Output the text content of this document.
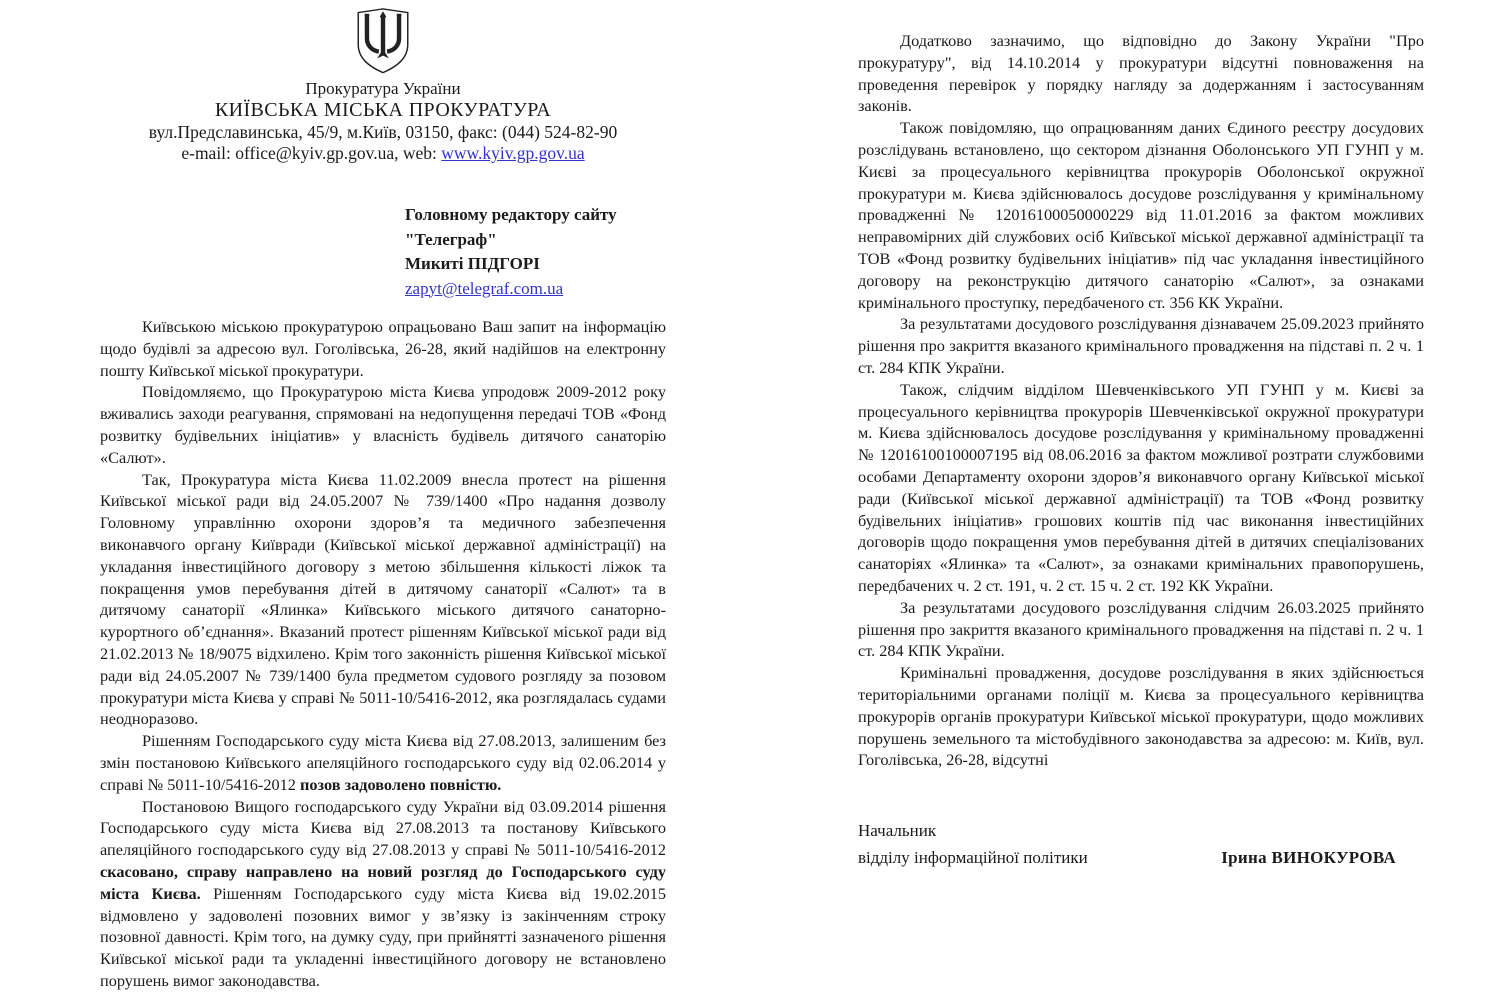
Прокуратура України
КИЇВСЬКА МІСЬКА ПРОКУРАТУРА
вул.Предславинська, 45/9, м.Київ, 03150, факс: (044) 524-82-90
e-mail: office@kyiv.gp.gov.ua, web: www.kyiv.gp.gov.ua
Головному редактору сайту
"Телеграф"
Микиті ПІДГОРІ
zapyt@telegraf.com.ua

Київською міською прокуратурою опрацьовано Ваш запит на інформацію щодо будівлі за адресою вул. Гоголівська, 26-28, який надійшов на електронну пошту Київської міської прокуратури.

Повідомляємо, що Прокуратурою міста Києва упродовж 2009-2012 року вживались заходи реагування, спрямовані на недопущення передачі ТОВ «Фонд розвитку будівельних ініціатив» у власність будівель дитячого санаторію «Салют».

Так, Прокуратура міста Києва 11.02.2009 внесла протест на рішення Київської міської ради від 24.05.2007 № 739/1400 «Про надання дозволу Головному управлінню охорони здоров’я та медичного забезпечення виконавчого органу Київради (Київської міської державної адміністрації) на укладання інвестиційного договору з метою збільшення кількості ліжок та покращення умов перебування дітей в дитячому санаторії «Салют» та в дитячому санаторії «Ялинка» Київського міського дитячого санаторно-курортного об’єднання». Вказаний протест рішенням Київської міської ради від 21.02.2013 № 18/9075 відхилено. Крім того законність рішення Київської міської ради від 24.05.2007 № 739/1400 була предметом судового розгляду за позовом прокуратури міста Києва у справі № 5011-10/5416-2012, яка розглядалась судами неодноразово.

Рішенням Господарського суду міста Києва від 27.08.2013, залишеним без змін постановою Київського апеляційного господарського суду від 02.06.2014 у справі № 5011-10/5416-2012 позов задоволено повністю.

Постановою Вищого господарського суду України від 03.09.2014 рішення Господарського суду міста Києва від 27.08.2013 та постанову Київського апеляційного господарського суду від 27.08.2013 у справі № 5011-10/5416-2012 скасовано, справу направлено на новий розгляд до Господарського суду міста Києва. Рішенням Господарського суду міста Києва від 19.02.2015 відмовлено у задоволені позовних вимог у зв’язку із закінченням строку позовної давності. Крім того, на думку суду, при прийнятті зазначеного рішення Київської міської ради та укладенні інвестиційного договору не встановлено порушень вимог законодавства.

Додатково зазначимо, що відповідно до Закону України "Про прокуратуру", від 14.10.2014 у прокуратури відсутні повноваження на проведення перевірок у порядку нагляду за додержанням і застосуванням законів.

Також повідомляю, що опрацюванням даних Єдиного реєстру досудових розслідувань встановлено, що сектором дізнання Оболонського УП ГУНП у м. Києві за процесуального керівництва прокурорів Оболонської окружної прокуратури м. Києва здійснювалось досудове розслідування у кримінальному провадженні № 12016100050000229 від 11.01.2016 за фактом можливих неправомірних дій службових осіб Київської міської державної адміністрації та ТОВ «Фонд розвитку будівельних ініціатив» під час укладання інвестиційного договору на реконструкцію дитячого санаторію «Салют», за ознаками кримінального проступку, передбаченого ст. 356 КК України.

За результатами досудового розслідування дізнавачем 25.09.2023 прийнято рішення про закриття вказаного кримінального провадження на підставі п. 2 ч. 1 ст. 284 КПК України.

Також, слідчим відділом Шевченківського УП ГУНП у м. Києві за процесуального керівництва прокурорів Шевченківської окружної прокуратури м. Києва здійснювалось досудове розслідування у кримінальному провадженні № 12016100100007195 від 08.06.2016 за фактом можливої розтрати службовими особами Департаменту охорони здоров’я виконавчого органу Київської міської ради (Київської міської державної адміністрації) та ТОВ «Фонд розвитку будівельних ініціатив» грошових коштів під час виконання інвестиційних договорів щодо покращення умов перебування дітей в дитячих спеціалізованих санаторіях «Ялинка» та «Салют», за ознаками кримінальних правопорушень, передбачених ч. 2 ст. 191, ч. 2 ст. 15 ч. 2 ст. 192 КК України.

За результатами досудового розслідування слідчим 26.03.2025 прийнято рішення про закриття вказаного кримінального провадження на підставі п. 2 ч. 1 ст. 284 КПК України.

Кримінальні провадження, досудове розслідування в яких здійснюється територіальними органами поліції м. Києва за процесуального керівництва прокурорів органів прокуратури Київської міської прокуратури, щодо можливих порушень земельного та містобудівного законодавства за адресою: м. Київ, вул. Гоголівська, 26-28, відсутні

Начальник
відділу інформаційної політики	Ірина ВИНОКУРОВА
